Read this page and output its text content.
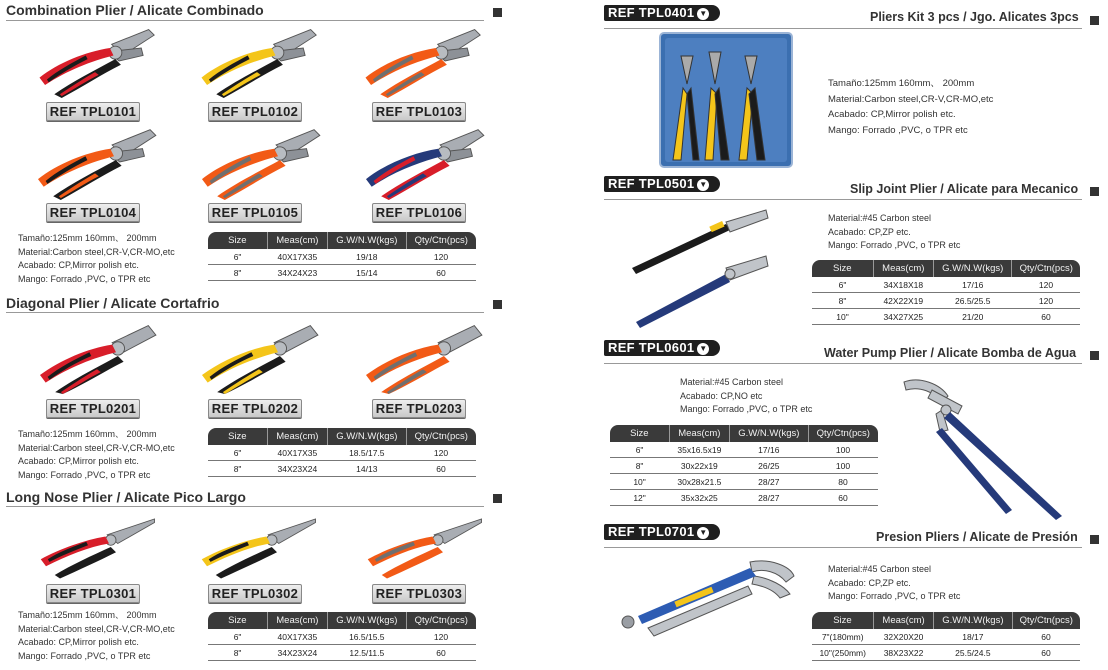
Combination Plier / Alicate Combinado
REF TPL0101	REF TPL0102	REF TPL0103
REF TPL0104	REF TPL0105	REF TPL0106
Tamaño:125mm 160mm、 200mm
Material:Carbon steel,CR-V,CR-MO,etc
Acabado: CP,Mirror polish etc.
Mango: Forrado ,PVC, o TPR etc
Size	Meas(cm)	G.W/N.W(kgs)	Qty/Ctn(pcs)
6"	40X17X35	19/18	120
8"	34X24X23	15/14	60
Diagonal Plier / Alicate Cortafrio
REF TPL0201	REF TPL0202	REF TPL0203
Tamaño:125mm 160mm、 200mm
Material:Carbon steel,CR-V,CR-MO,etc
Acabado: CP,Mirror polish etc.
Mango: Forrado ,PVC, o TPR etc
Size	Meas(cm)	G.W/N.W(kgs)	Qty/Ctn(pcs)
6"	40X17X35	18.5/17.5	120
8"	34X23X24	14/13	60
Long Nose Plier / Alicate Pico Largo
REF TPL0301	REF TPL0302	REF TPL0303
Tamaño:125mm 160mm、 200mm
Material:Carbon steel,CR-V,CR-MO,etc
Acabado: CP,Mirror polish etc.
Mango: Forrado ,PVC, o TPR etc
Size	Meas(cm)	G.W/N.W(kgs)	Qty/Ctn(pcs)
6"	40X17X35	16.5/15.5	120
8"	34X23X24	12.5/11.5	60
REF TPL0401 ▼	Pliers Kit 3 pcs / Jgo. Alicates 3pcs
Tamaño:125mm 160mm、 200mm
Material:Carbon steel,CR-V,CR-MO,etc
Acabado: CP,Mirror polish etc.
Mango: Forrado ,PVC, o TPR etc
REF TPL0501 ▼	Slip Joint Plier / Alicate para Mecanico
Material:#45 Carbon steel
Acabado: CP,ZP etc.
Mango: Forrado ,PVC, o TPR etc
Size	Meas(cm)	G.W/N.W(kgs)	Qty/Ctn(pcs)
6"	34X18X18	17/16	120
8"	42X22X19	26.5/25.5	120
10"	34X27X25	21/20	60
REF TPL0601 ▼	Water Pump Plier / Alicate Bomba de Agua
Material:#45 Carbon steel
Acabado: CP,NO etc
Mango: Forrado ,PVC, o TPR etc
Size	Meas(cm)	G.W/N.W(kgs)	Qty/Ctn(pcs)
6"	35x16.5x19	17/16	100
8"	30x22x19	26/25	100
10"	30x28x21.5	28/27	80
12"	35x32x25	28/27	60
REF TPL0701 ▼	Presion Pliers / Alicate de Presión
Material:#45 Carbon steel
Acabado: CP,ZP etc.
Mango: Forrado ,PVC, o TPR etc
Size	Meas(cm)	G.W/N.W(kgs)	Qty/Ctn(pcs)
7"(180mm)	32X20X20	18/17	60
10"(250mm)	38X23X22	25.5/24.5	60
